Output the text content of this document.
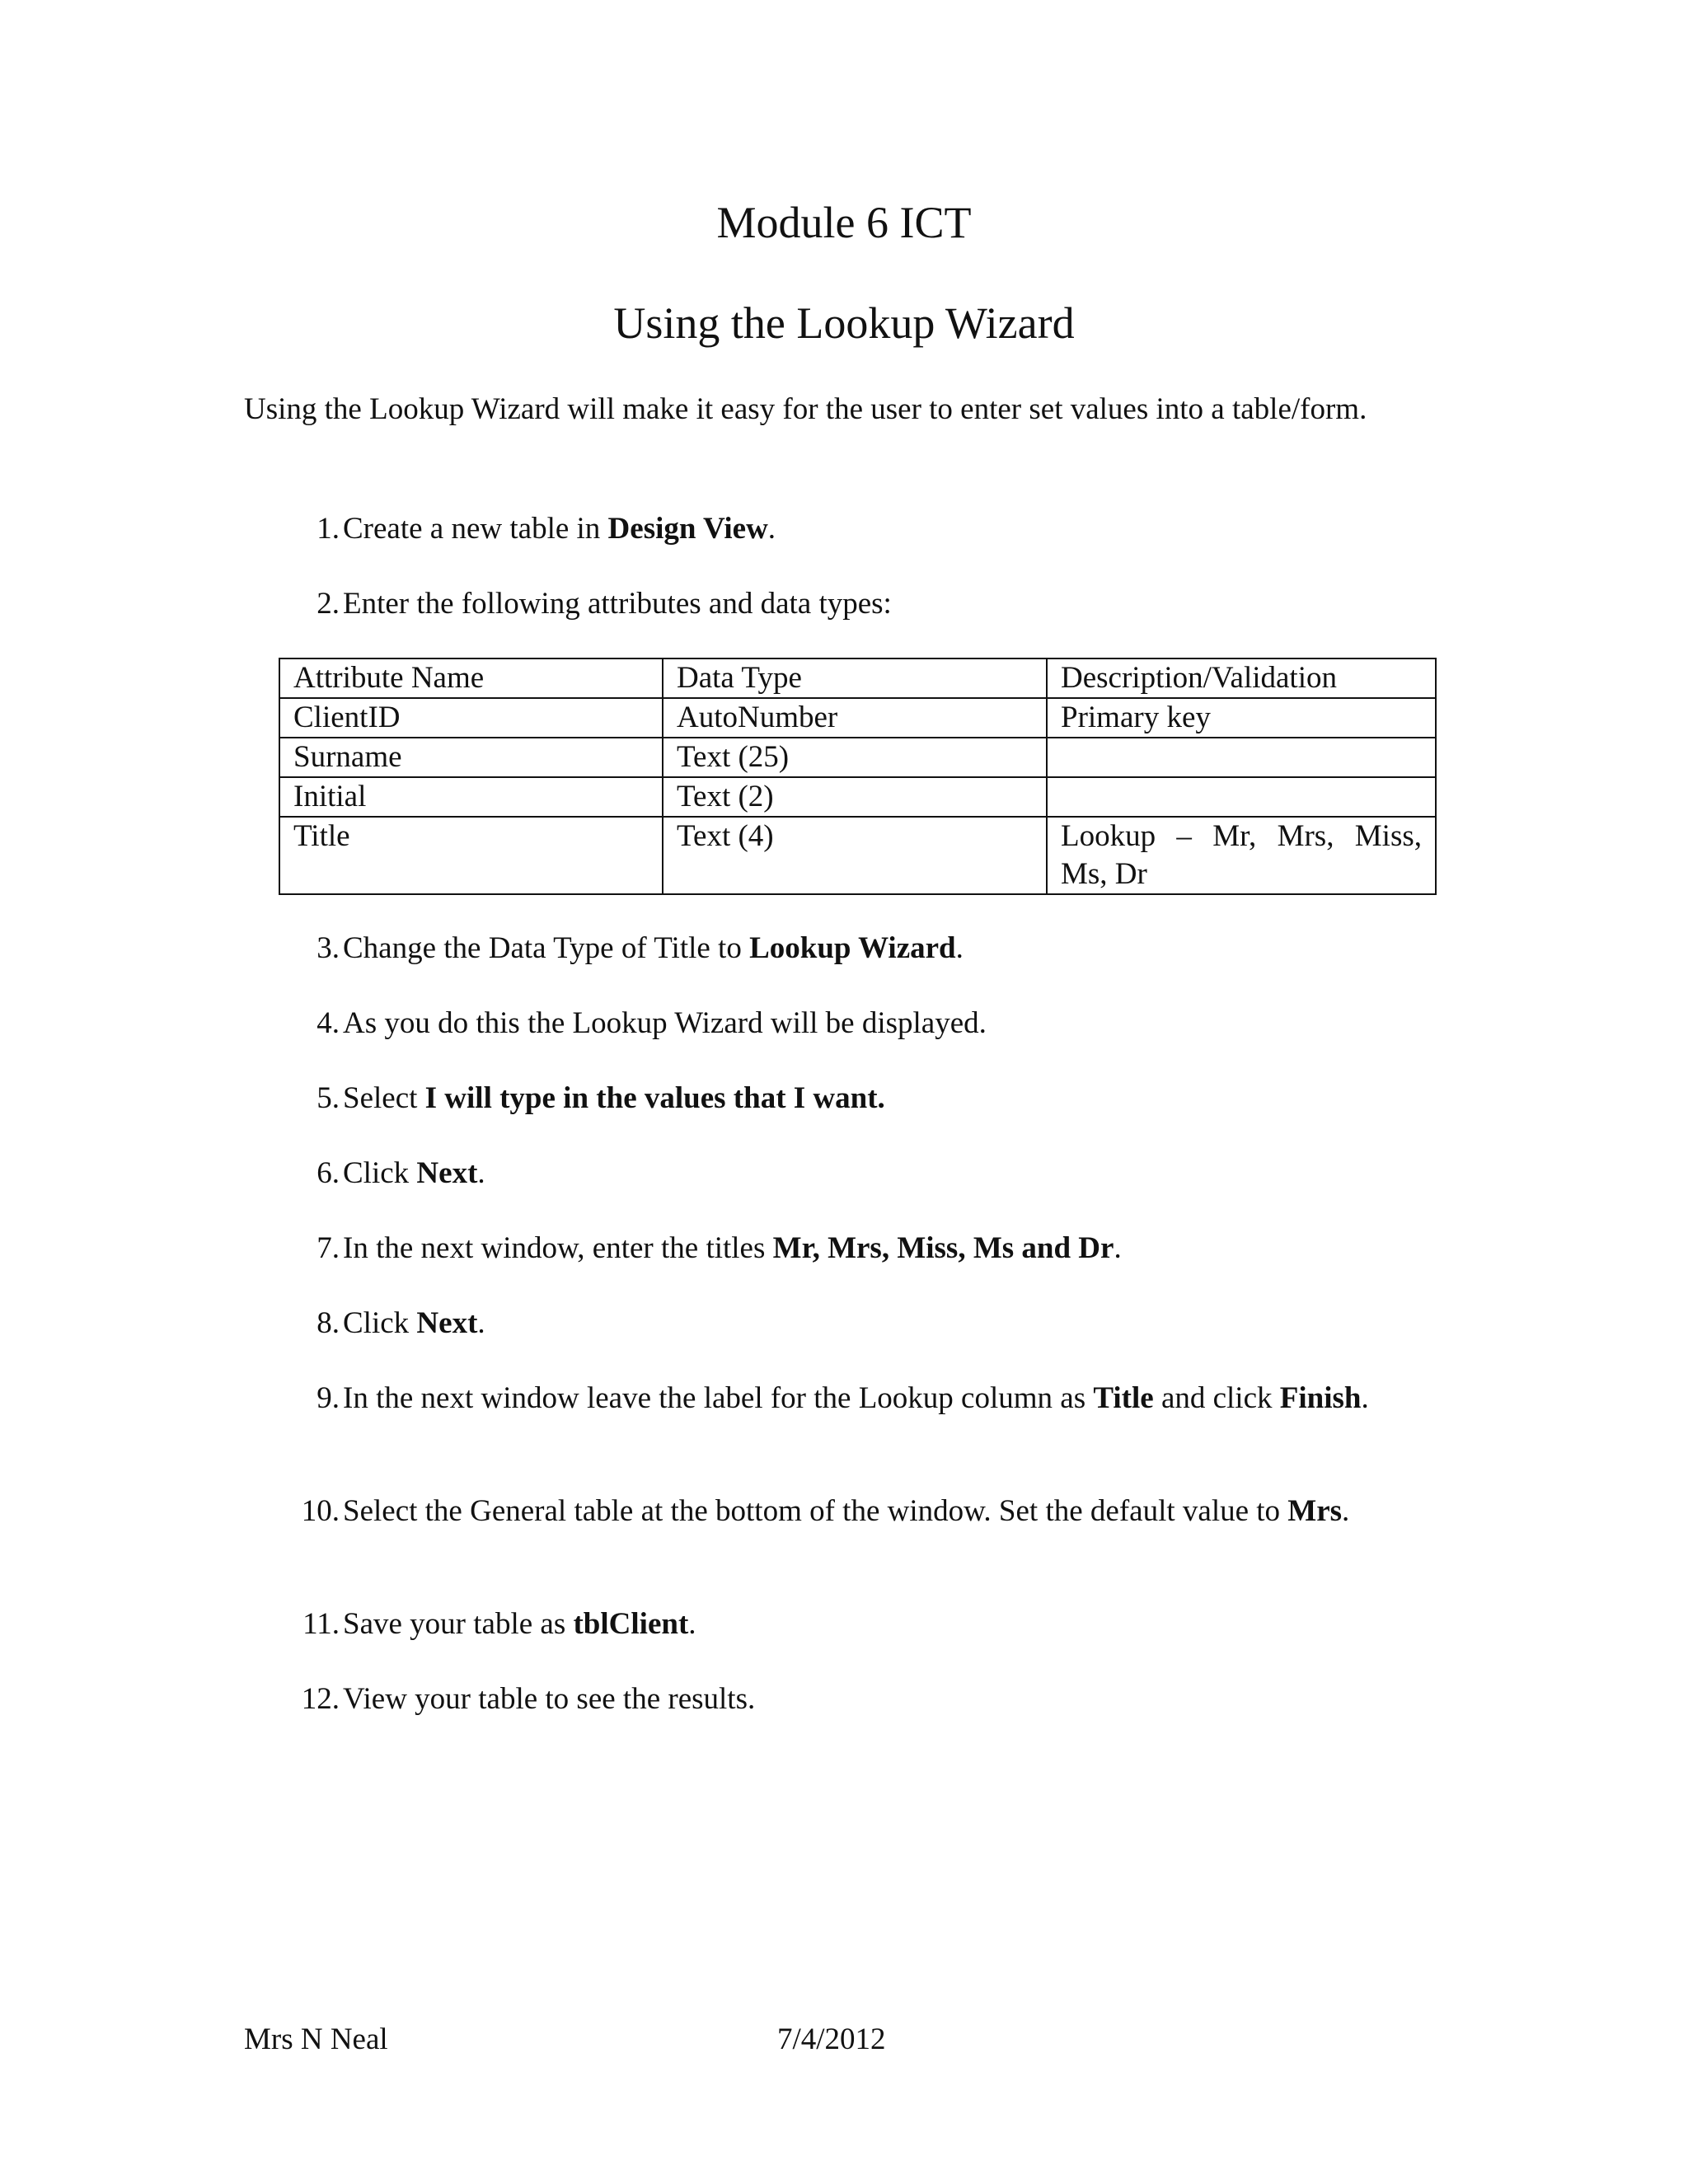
Module 6 ICT
Using the Lookup Wizard
Using the Lookup Wizard will make it easy for the user to enter set values into a table/form.
1. Create a new table in Design View.
2. Enter the following attributes and data types:
Attribute Name	Data Type	Description/Validation
ClientID	AutoNumber	Primary key
Surname	Text (25)	
Initial	Text (2)	
Title	Text (4)	Lookup – Mr, Mrs, Miss, Ms, Dr
3. Change the Data Type of Title to Lookup Wizard.
4. As you do this the Lookup Wizard will be displayed.
5. Select I will type in the values that I want.
6. Click Next.
7. In the next window, enter the titles Mr, Mrs, Miss, Ms and Dr.
8. Click Next.
9. In the next window leave the label for the Lookup column as Title and click Finish.
10. Select the General table at the bottom of the window. Set the default value to Mrs.
11. Save your table as tblClient.
12. View your table to see the results.
Mrs N Neal	7/4/2012
